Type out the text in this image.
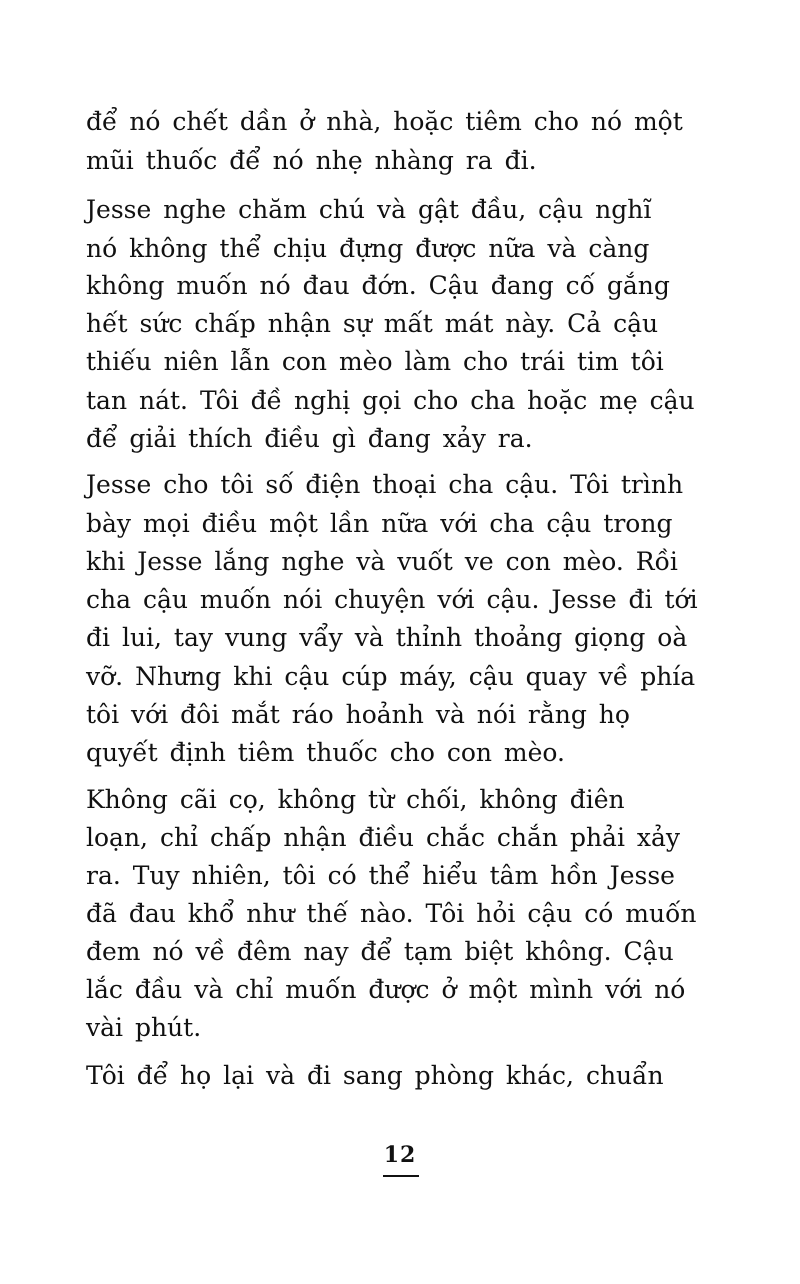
để nó chết dần ở nhà, hoặc tiêm cho nó một
mũi thuốc để nó nhẹ nhàng ra đi.
Jesse nghe chăm chú và gật đầu, cậu nghĩ
nó không thể chịu đựng được nữa và càng
không muốn nó đau đớn. Cậu đang cố gắng
hết sức chấp nhận sự mất mát này. Cả cậu
thiếu niên lẫn con mèo làm cho trái tim tôi
tan nát. Tôi đề nghị gọi cho cha hoặc mẹ cậu
để giải thích điều gì đang xảy ra.
Jesse cho tôi số điện thoại cha cậu. Tôi trình
bày mọi điều một lần nữa với cha cậu trong
khi Jesse lắng nghe và vuốt ve con mèo. Rồi
cha cậu muốn nói chuyện với cậu. Jesse đi tới
đi lui, tay vung vẩy và thỉnh thoảng giọng oà
vỡ. Nhưng khi cậu cúp máy, cậu quay về phía
tôi với đôi mắt ráo hoảnh và nói rằng họ
quyết định tiêm thuốc cho con mèo.
Không cãi cọ, không từ chối, không điên
loạn, chỉ chấp nhận điều chắc chắn phải xảy
ra. Tuy nhiên, tôi có thể hiểu tâm hồn Jesse
đã đau khổ như thế nào. Tôi hỏi cậu có muốn
đem nó về đêm nay để tạm biệt không. Cậu
lắc đầu và chỉ muốn được ở một mình với nó
vài phút.
Tôi để họ lại và đi sang phòng khác, chuẩn
12
